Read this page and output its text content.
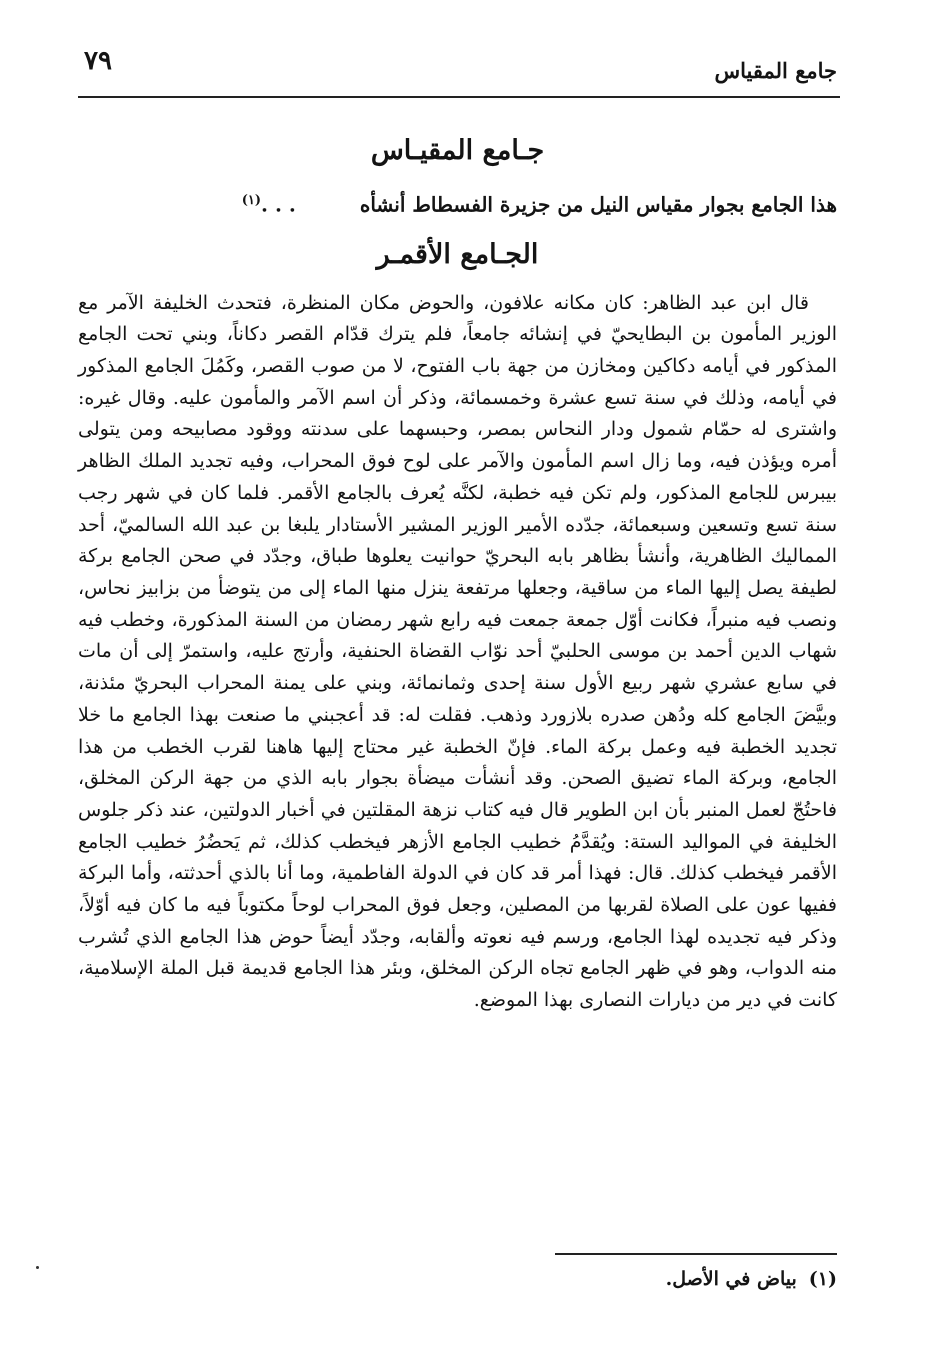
جامع المقياس
٧٩
جـامع المقيـاس

هذا الجامع بجوار مقياس النيل من جزيرة الفسطاط أنشأه. . .$^{(١)}$

الجـامع الأقمـر

قال ابن عبد الظاهر: كان مكانه علافون، والحوض مكان المنظرة، فتحدث الخليفة الآمر مع الوزير المأمون بن البطايحيّ في إنشائه جامعاً، فلم يترك قدّام القصر دكاناً، وبني تحت الجامع المذكور في أيامه دكاكين ومخازن من جهة باب الفتوح، لا من صوب القصر، وكَمُلَ الجامع المذكور في أيامه، وذلك في سنة تسع عشرة وخمسمائة، وذكر أن اسم الآمر والمأمون عليه. وقال غيره: واشترى له حمّام شمول ودار النحاس بمصر، وحبسهما على سدنته ووقود مصابيحه ومن يتولى أمره ويؤذن فيه، وما زال اسم المأمون والآمر على لوح فوق المحراب، وفيه تجديد الملك الظاهر بيبرس للجامع المذكور، ولم تكن فيه خطبة، لكنَّه يُعرف بالجامع الأقمر. فلما كان في شهر رجب سنة تسع وتسعين وسبعمائة، جدّده الأمير الوزير المشير الأستادار يلبغا بن عبد الله السالميّ، أحد المماليك الظاهرية، وأنشأ بظاهر بابه البحريّ حوانيت يعلوها طباق، وجدّد في صحن الجامع بركة لطيفة يصل إليها الماء من ساقية، وجعلها مرتفعة ينزل منها الماء إلى من يتوضأ من بزابيز نحاس، ونصب فيه منبراً، فكانت أوّل جمعة جمعت فيه رابع شهر رمضان من السنة المذكورة، وخطب فيه شهاب الدين أحمد بن موسى الحلبيّ أحد نوّاب القضاة الحنفية، وأرتج عليه، واستمرّ إلى أن مات في سابع عشري شهر ربيع الأول سنة إحدى وثمانمائة، وبني على يمنة المحراب البحريّ مئذنة، وبيَّضَ الجامع كله ودُهن صدره بلازورد وذهب. فقلت له: قد أعجبني ما صنعت بهذا الجامع ما خلا تجديد الخطبة فيه وعمل بركة الماء. فإنّ الخطبة غير محتاج إليها هاهنا لقرب الخطب من هذا الجامع، وبركة الماء تضيق الصحن. وقد أنشأت ميضأة بجوار بابه الذي من جهة الركن المخلق، فاحتُجّ لعمل المنبر بأن ابن الطوير قال فيه كتاب نزهة المقلتين في أخبار الدولتين، عند ذكر جلوس الخليفة في المواليد الستة: ويُقدَّمُ خطيب الجامع الأزهر فيخطب كذلك، ثم يَحضُرُ خطيب الجامع الأقمر فيخطب كذلك. قال: فهذا أمر قد كان في الدولة الفاطمية، وما أنا بالذي أحدثته، وأما البركة ففيها عون على الصلاة لقربها من المصلين، وجعل فوق المحراب لوحاً مكتوباً فيه ما كان فيه أوّلاً، وذكر فيه تجديده لهذا الجامع، ورسم فيه نعوته وألقابه، وجدّد أيضاً حوض هذا الجامع الذي تُشرب منه الدواب، وهو في ظهر الجامع تجاه الركن المخلق، وبئر هذا الجامع قديمة قبل الملة الإسلامية، كانت في دير من ديارات النصارى بهذا الموضع.

(١)بياض في الأصل.
